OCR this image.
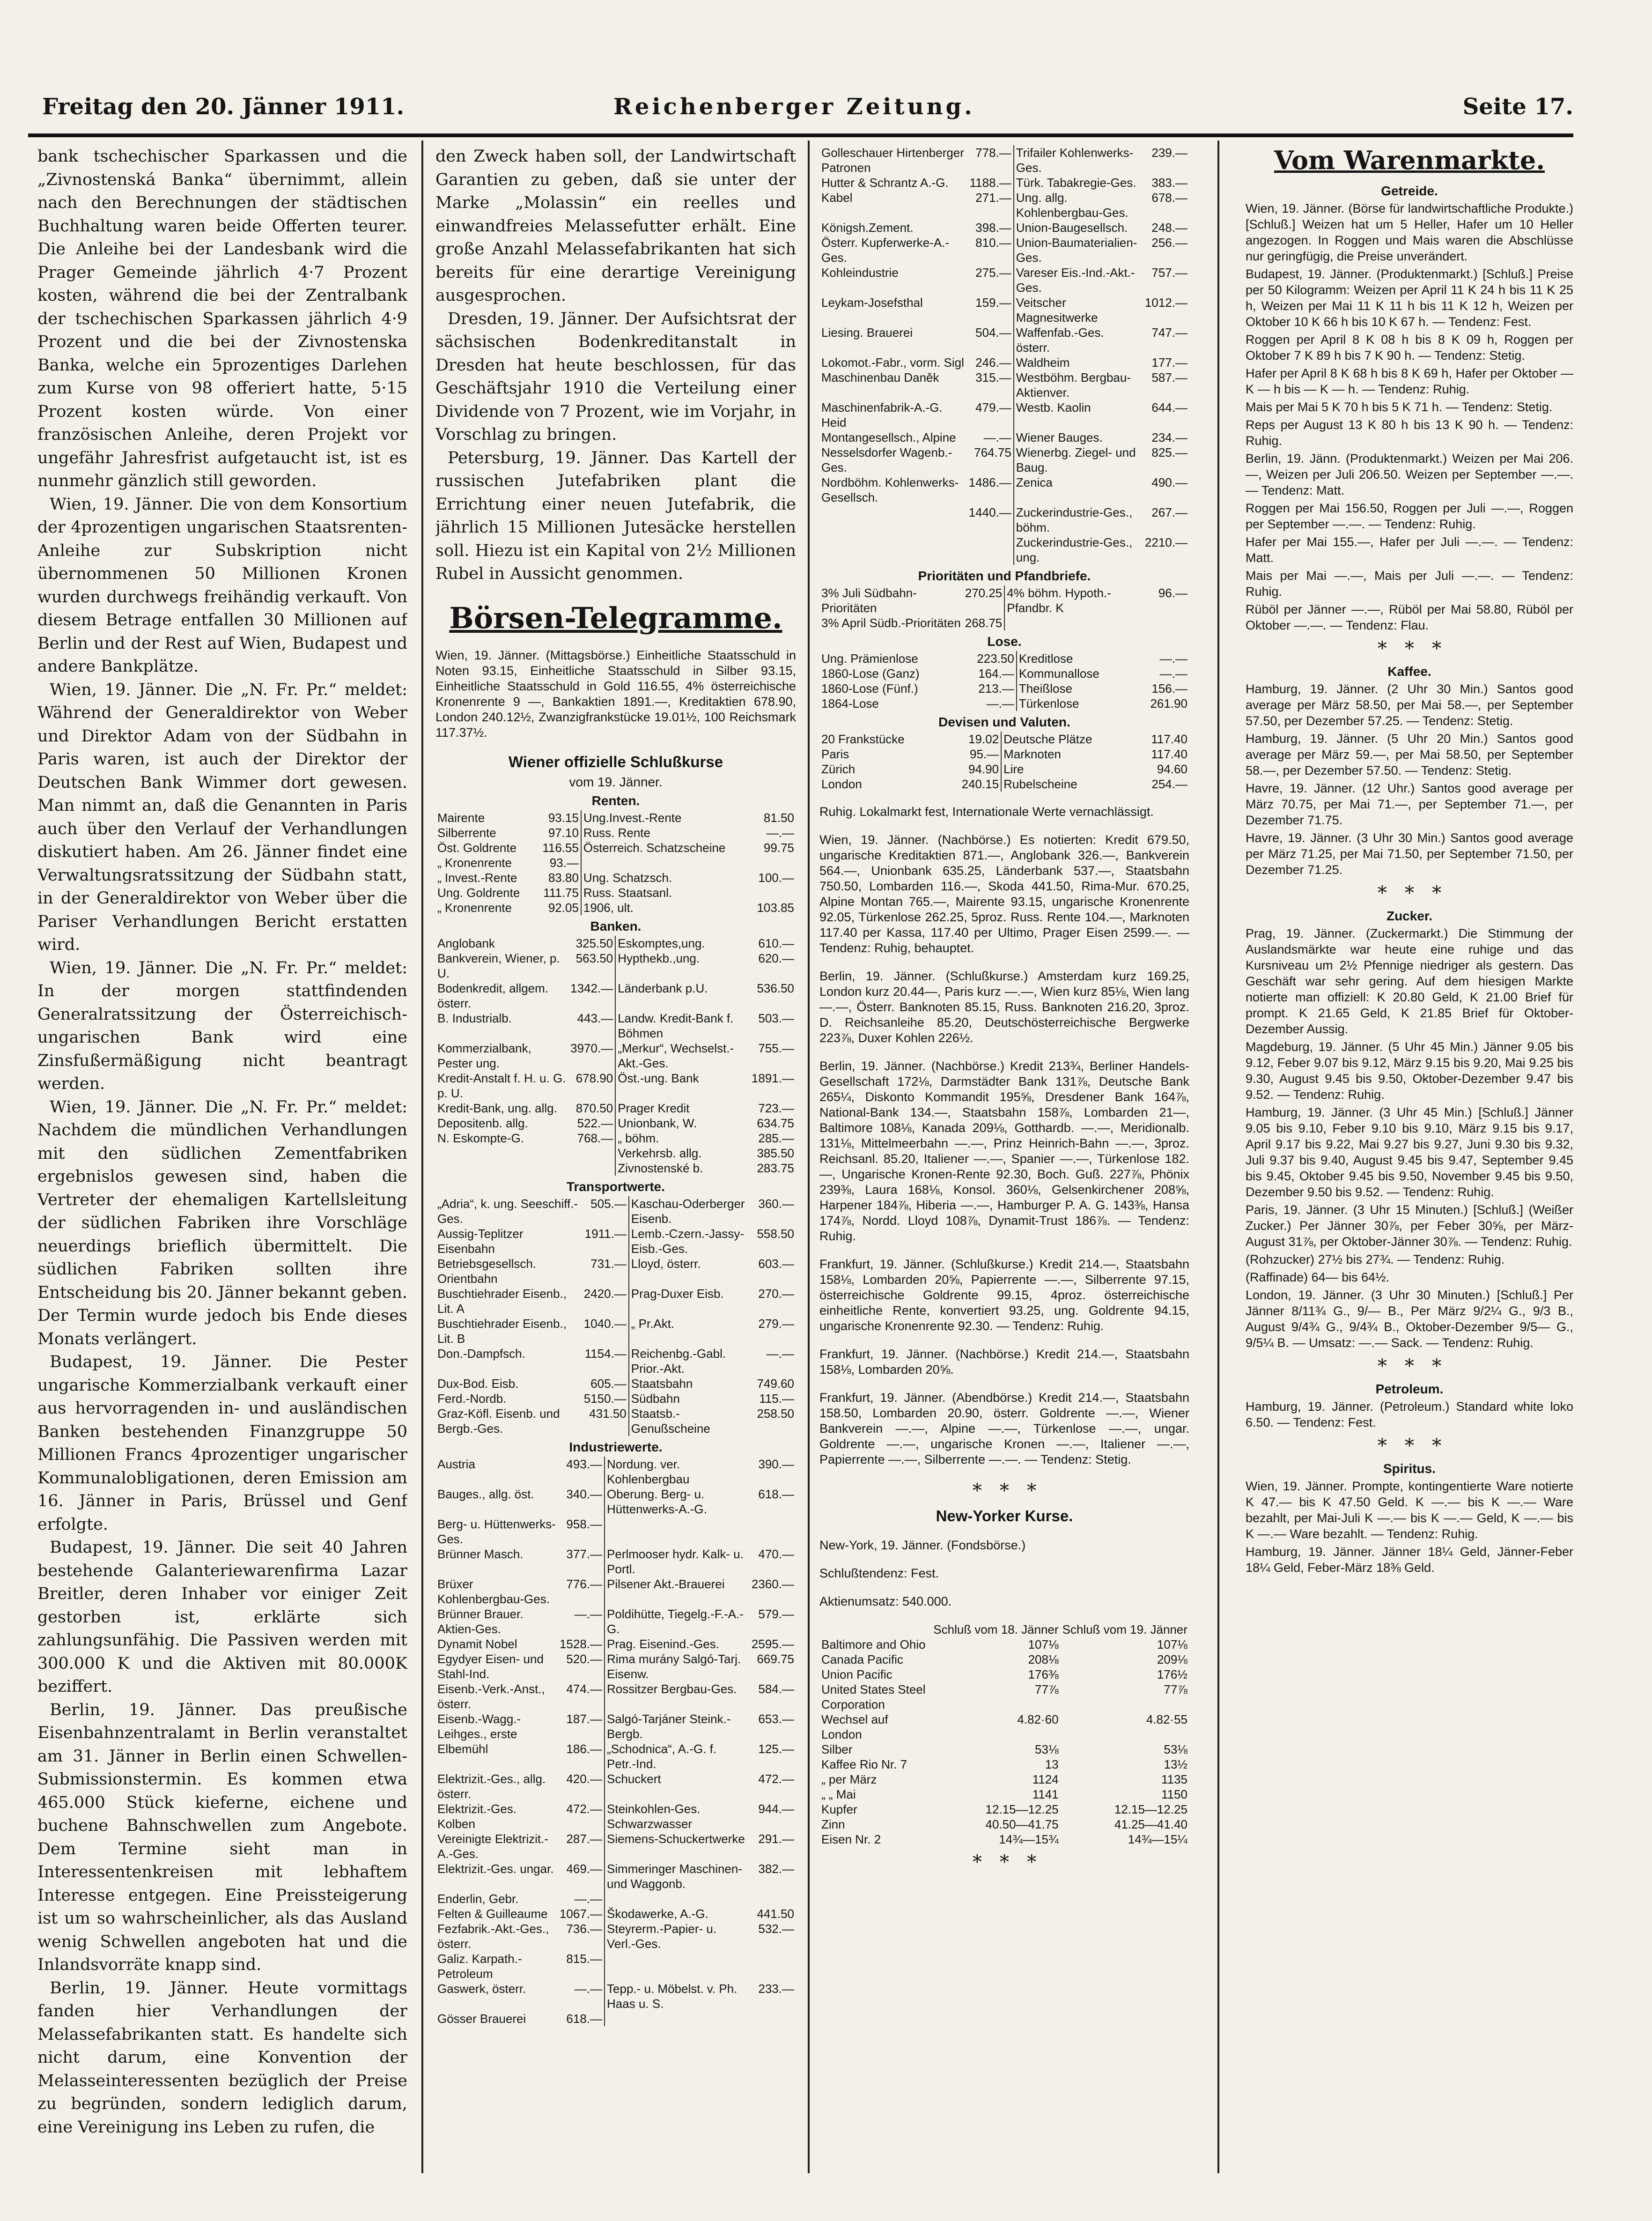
Freitag den 20. Jänner 1911.	Reichenberger Zeitung.	Seite 17.

bank tschechischer Sparkassen und die „Zivnostenská Banka“ übernimmt, allein nach den Berechnungen der städtischen Buchhaltung waren beide Offerten teurer. Die Anleihe bei der Landesbank wird die Prager Gemeinde jährlich 4·7 Prozent kosten, während die bei der Zentralbank der tschechischen Sparkassen jährlich 4·9 Prozent und die bei der Zivnostenska Banka, welche ein 5prozentiges Darlehen zum Kurse von 98 offeriert hatte, 5·15 Prozent kosten würde. Von einer französischen Anleihe, deren Projekt vor ungefähr Jahresfrist aufgetaucht ist, ist es nunmehr gänzlich still geworden.

Wien, 19. Jänner. Die von dem Konsortium der 4prozentigen ungarischen Staatsrenten-Anleihe zur Subskription nicht übernommenen 50 Millionen Kronen wurden durchwegs freihändig verkauft. Von diesem Betrage entfallen 30 Millionen auf Berlin und der Rest auf Wien, Budapest und andere Bankplätze.

Wien, 19. Jänner. Die „N. Fr. Pr.“ meldet: Während der Generaldirektor von Weber und Direktor Adam von der Südbahn in Paris waren, ist auch der Direktor der Deutschen Bank Wimmer dort gewesen. Man nimmt an, daß die Genannten in Paris auch über den Verlauf der Verhandlungen diskutiert haben. Am 26. Jänner findet eine Verwaltungsratssitzung der Südbahn statt, in der Generaldirektor von Weber über die Pariser Verhandlungen Bericht erstatten wird.

Wien, 19. Jänner. Die „N. Fr. Pr.“ meldet: In der morgen stattfindenden Generalratssitzung der Österreichisch-ungarischen Bank wird eine Zinsfußermäßigung nicht beantragt werden.

Wien, 19. Jänner. Die „N. Fr. Pr.“ meldet: Nachdem die mündlichen Verhandlungen mit den südlichen Zementfabriken ergebnislos gewesen sind, haben die Vertreter der ehemaligen Kartellsleitung der südlichen Fabriken ihre Vorschläge neuerdings brieflich übermittelt. Die südlichen Fabriken sollten ihre Entscheidung bis 20. Jänner bekannt geben. Der Termin wurde jedoch bis Ende dieses Monats verlängert.

Budapest, 19. Jänner. Die Pester ungarische Kommerzialbank verkauft einer aus hervorragenden in- und ausländischen Banken bestehenden Finanzgruppe 50 Millionen Francs 4prozentiger ungarischer Kommunalobligationen, deren Emission am 16. Jänner in Paris, Brüssel und Genf erfolgte.

Budapest, 19. Jänner. Die seit 40 Jahren bestehende Galanteriewarenfirma Lazar Breitler, deren Inhaber vor einiger Zeit gestorben ist, erklärte sich zahlungsunfähig. Die Passiven werden mit 300.000 K und die Aktiven mit 80.000K beziffert.

Berlin, 19. Jänner. Das preußische Eisenbahnzentralamt in Berlin veranstaltet am 31. Jänner in Berlin einen Schwellen-Submissionstermin. Es kommen etwa 465.000 Stück kieferne, eichene und buchene Bahnschwellen zum Angebote. Dem Termine sieht man in Interessentenkreisen mit lebhaftem Interesse entgegen. Eine Preissteigerung ist um so wahrscheinlicher, als das Ausland wenig Schwellen angeboten hat und die Inlandsvorräte knapp sind.

Berlin, 19. Jänner. Heute vormittags fanden hier Verhandlungen der Melassefabrikanten statt. Es handelte sich nicht darum, eine Konvention der Melasseinteressenten bezüglich der Preise zu begründen, sondern lediglich darum, eine Vereinigung ins Leben zu rufen, die

den Zweck haben soll, der Landwirtschaft Garantien zu geben, daß sie unter der Marke „Molassin“ ein reelles und einwandfreies Melassefutter erhält. Eine große Anzahl Melassefabrikanten hat sich bereits für eine derartige Vereinigung ausgesprochen.

Dresden, 19. Jänner. Der Aufsichtsrat der sächsischen Bodenkreditanstalt in Dresden hat heute beschlossen, für das Geschäftsjahr 1910 die Verteilung einer Dividende von 7 Prozent, wie im Vorjahr, in Vorschlag zu bringen.

Petersburg, 19. Jänner. Das Kartell der russischen Jutefabriken plant die Errichtung einer neuen Jutefabrik, die jährlich 15 Millionen Jutesäcke herstellen soll. Hiezu ist ein Kapital von 2½ Millionen Rubel in Aussicht genommen.

Börsen-Telegramme.

Wien, 19. Jänner. (Mittagsbörse.) Einheitliche Staatsschuld in Noten 93.15, Einheitliche Staatsschuld in Silber 93.15, Einheitliche Staatsschuld in Gold 116.55, 4% österreichische Kronenrente 9 —, Bankaktien 1891.—, Kreditaktien 678.90, London 240.12½, Zwanzigfrankstücke 19.01½, 100 Reichsmark 117.37½.

Wiener offizielle Schlußkurse
vom 19. Jänner.
Renten.
Mairente	93.15	Ung.Invest.-Rente	81.50
Silberrente	97.10	Russ. Rente	—.—
Öst. Goldrente	116.55	Österreich. Schatzscheine	99.75
„ Kronenrente	93.—		
„ Invest.-Rente	83.80	Ung. Schatzsch.	100.—
Ung. Goldrente	111.75	Russ. Staatsanl.	
„ Kronenrente	92.05	1906, ult.	103.85
Banken.
Anglobank	325.50	Eskomptes,ung.	610.—
Bankverein, Wiener, p. U.	563.50	Hypthekb.,ung.	620.—
Bodenkredit, allgem. österr.	1342.—	Länderbank p.U.	536.50
B. Industrialb.	443.—	Landw. Kredit-Bank f. Böhmen	503.—
Kommerzialbank, Pester ung.	3970.—	„Merkur“, Wechselst.-Akt.-Ges.	755.—
Kredit-Anstalt f. H. u. G. p. U.	678.90	Öst.-ung. Bank	1891.—
Kredit-Bank, ung. allg.	870.50	Prager Kredit	723.—
Depositenb. allg.	522.—	Unionbank, W.	634.75
N. Eskompte-G.	768.—	„ böhm.	285.—
		Verkehrsb. allg.	385.50
		Zivnostenské b.	283.75
Transportwerte.
„Adria“, k. ung. Seeschiff.-Ges.	505.—	Kaschau-Oderberger Eisenb.	360.—
Aussig-Teplitzer Eisenbahn	1911.—	Lemb.-Czern.-Jassy-Eisb.-Ges.	558.50
Betriebsgesellsch. Orientbahn	731.—	Lloyd, österr.	603.—
Buschtiehrader Eisenb., Lit. A	2420.—	Prag-Duxer Eisb.	270.—
Buschtiehrader Eisenb., Lit. B	1040.—	„ Pr.Akt.	279.—
Don.-Dampfsch.	1154.—	Reichenbg.-Gabl. Prior.-Akt.	—.—
Dux-Bod. Eisb.	605.—	Staatsbahn	749.60
Ferd.-Nordb.	5150.—	Südbahn	115.—
Graz-Köfl. Eisenb. und Bergb.-Ges.	431.50	Staatsb.-Genußscheine	258.50
Industriewerte.
Austria	493.—	Nordung. ver. Kohlenbergbau	390.—
Bauges., allg. öst.	340.—	Oberung. Berg- u. Hüttenwerks-A.-G.	618.—
Berg- u. Hüttenwerks-Ges.	958.—		
Brünner Masch.	377.—	Perlmooser hydr. Kalk- u. Portl.	470.—
Brüxer Kohlenbergbau-Ges.	776.—	Pilsener Akt.-Brauerei	2360.—
Brünner Brauer. Aktien-Ges.	—.—	Poldihütte, Tiegelg.-F.-A.-G.	579.—
Dynamit Nobel	1528.—	Prag. Eisenind.-Ges.	2595.—
Egydyer Eisen- und Stahl-Ind.	520.—	Rima murány Salgó-Tarj. Eisenw.	669.75
Eisenb.-Verk.-Anst., österr.	474.—	Rossitzer Bergbau-Ges.	584.—
Eisenb.-Wagg.-Leihges., erste	187.—	Salgó-Tarjáner Steink.-Bergb.	653.—
Elbemühl	186.—	„Schodnica“, A.-G. f. Petr.-Ind.	125.—
Elektrizit.-Ges., allg. österr.	420.—	Schuckert	472.—
Elektrizit.-Ges. Kolben	472.—	Steinkohlen-Ges. Schwarzwasser	944.—
Vereinigte Elektrizit.-A.-Ges.	287.—	Siemens-Schuckertwerke	291.—
Elektrizit.-Ges. ungar.	469.—	Simmeringer Maschinen- und Waggonb.	382.—
Enderlin, Gebr.	—.—		
Felten & Guilleaume	1067.—	Škodawerke, A.-G.	441.50
Fezfabrik.-Akt.-Ges., österr.	736.—	Steyrerm.-Papier- u. Verl.-Ges.	532.—
Galiz. Karpath.-Petroleum	815.—		
Gaswerk, österr.	—.—	Tepp.- u. Möbelst. v. Ph. Haas u. S.	233.—
Gösser Brauerei	618.—		
Golleschauer Hirtenberger Patronen	778.—	Trifailer Kohlenwerks-Ges.	239.—
Hutter & Schrantz A.-G.	1188.—	Türk. Tabakregie-Ges.	383.—
Kabel	271.—	Ung. allg. Kohlenbergbau-Ges.	678.—
Königsh.Zement.	398.—	Union-Baugesellsch.	248.—
Österr. Kupferwerke-A.-Ges.	810.—	Union-Baumaterialien-Ges.	256.—
Kohleindustrie	275.—	Vareser Eis.-Ind.-Akt.-Ges.	757.—
Leykam-Josefsthal	159.—	Veitscher Magnesitwerke	1012.—
Liesing. Brauerei	504.—	Waffenfab.-Ges. österr.	747.—
Lokomot.-Fabr., vorm. Sigl	246.—	Waldheim	177.—
Maschinenbau Daněk	315.—	Westböhm. Bergbau-Aktienver.	587.—
Maschinenfabrik-A.-G. Heid	479.—	Westb. Kaolin	644.—
Montangesellsch., Alpine	—.—	Wiener Bauges.	234.—
Nesselsdorfer Wagenb.-Ges.	764.75	Wienerbg. Ziegel- und Baug.	825.—
Nordböhm. Kohlenwerks-Gesellsch.	1486.—	Zenica	490.—
	1440.—	Zuckerindustrie-Ges., böhm.	267.—
		Zuckerindustrie-Ges., ung.	2210.—
Prioritäten und Pfandbriefe.
3% Juli Südbahn-Prioritäten	270.25	4% böhm. Hypoth.-Pfandbr. K	96.—
3% April Südb.-Prioritäten	268.75		
Lose.
Ung. Prämienlose	223.50	Kreditlose	—.—
1860-Lose (Ganz)	164.—	Kommunallose	—.—
1860-Lose (Fünf.)	213.—	Theißlose	156.—
1864-Lose	—.—	Türkenlose	261.90
Devisen und Valuten.
20 Frankstücke	19.02	Deutsche Plätze	117.40
Paris	95.—	Marknoten	117.40
Zürich	94.90	Lire	94.60
London	240.15	Rubelscheine	254.—

Ruhig. Lokalmarkt fest, Internationale Werte vernachlässigt.

Wien, 19. Jänner. (Nachbörse.) Es notierten: Kredit 679.50, ungarische Kreditaktien 871.—, Anglobank 326.—, Bankverein 564.—, Unionbank 635.25, Länderbank 537.—, Staatsbahn 750.50, Lombarden 116.—, Skoda 441.50, Rima-Mur. 670.25, Alpine Montan 765.—, Mairente 93.15, ungarische Kronenrente 92.05, Türkenlose 262.25, 5proz. Russ. Rente 104.—, Marknoten 117.40 per Kassa, 117.40 per Ultimo, Prager Eisen 2599.—. — Tendenz: Ruhig, behauptet.

Berlin, 19. Jänner. (Schlußkurse.) Amsterdam kurz 169.25, London kurz 20.44—, Paris kurz —.—, Wien kurz 85⅛, Wien lang —.—, Österr. Banknoten 85.15, Russ. Banknoten 216.20, 3proz. D. Reichsanleihe 85.20, Deutschösterreichische Bergwerke 223⅞, Duxer Kohlen 226½.

Berlin, 19. Jänner. (Nachbörse.) Kredit 213¾, Berliner Handels-Gesellschaft 172⅛, Darmstädter Bank 131⅞, Deutsche Bank 265¼, Diskonto Kommandit 195⅝, Dresdener Bank 164⅞, National-Bank 134.—, Staatsbahn 158⅞, Lombarden 21—, Baltimore 108⅛, Kanada 209⅛, Gotthardb. —.—, Meridionalb. 131⅛, Mittelmeerbahn —.—, Prinz Heinrich-Bahn —.—, 3proz. Reichsanl. 85.20, Italiener —.—, Spanier —.—, Türkenlose 182.—, Ungarische Kronen-Rente 92.30, Boch. Guß. 227⅞, Phönix 239⅜, Laura 168⅛, Konsol. 360⅛, Gelsenkirchener 208⅝, Harpener 184⅞, Hiberia —.—, Hamburger P. A. G. 143⅜, Hansa 174⅞, Nordd. Lloyd 108⅞, Dynamit-Trust 186⅞. — Tendenz: Ruhig.

Frankfurt, 19. Jänner. (Schlußkurse.) Kredit 214.—, Staatsbahn 158⅛, Lombarden 20⅝, Papierrente —.—, Silberrente 97.15, österreichische Goldrente 99.15, 4proz. österreichische einheitliche Rente, konvertiert 93.25, ung. Goldrente 94.15, ungarische Kronenrente 92.30. — Tendenz: Ruhig.

Frankfurt, 19. Jänner. (Nachbörse.) Kredit 214.—, Staatsbahn 158⅛, Lombarden 20⅝.

Frankfurt, 19. Jänner. (Abendbörse.) Kredit 214.—, Staatsbahn 158.50, Lombarden 20.90, österr. Goldrente —.—, Wiener Bankverein —.—, Alpine —.—, Türkenlose —.—, ungar. Goldrente —.—, ungarische Kronen —.—, Italiener —.—, Papierrente —.—, Silberrente —.—. — Tendenz: Stetig.

*   *   *
New-Yorker Kurse.

New-York, 19. Jänner. (Fondsbörse.)

Schlußtendenz: Fest.

Aktienumsatz: 540.000.

	Schluß vom 18. Jänner	Schluß vom 19. Jänner
Baltimore and Ohio	107⅛	107⅛
Canada Pacific	208⅛	209⅛
Union Pacific	176⅜	176½
United States Steel Corporation	77⅞	77⅞
Wechsel auf London	4.82·60	4.82·55
Silber	53⅛	53⅛
Kaffee Rio Nr. 7	13	13½
„ per März	1124	1135
„ „ Mai	1141	1150
Kupfer	12.15—12.25	12.15—12.25
Zinn	40.50—41.75	41.25—41.40
Eisen Nr. 2	14¾—15¾	14¾—15¼
*   *   *
Vom Warenmarkte.
Getreide.

Wien, 19. Jänner. (Börse für landwirtschaftliche Produkte.) [Schluß.] Weizen hat um 5 Heller, Hafer um 10 Heller angezogen. In Roggen und Mais waren die Abschlüsse nur geringfügig, die Preise unverändert.

Budapest, 19. Jänner. (Produktenmarkt.) [Schluß.] Preise per 50 Kilogramm: Weizen per April 11 K 24 h bis 11 K 25 h, Weizen per Mai 11 K 11 h bis 11 K 12 h, Weizen per Oktober 10 K 66 h bis 10 K 67 h. — Tendenz: Fest.

Roggen per April 8 K 08 h bis 8 K 09 h, Roggen per Oktober 7 K 89 h bis 7 K 90 h. — Tendenz: Stetig.

Hafer per April 8 K 68 h bis 8 K 69 h, Hafer per Oktober — K — h bis — K — h. — Tendenz: Ruhig.

Mais per Mai 5 K 70 h bis 5 K 71 h. — Tendenz: Stetig.

Reps per August 13 K 80 h bis 13 K 90 h. — Tendenz: Ruhig.

Berlin, 19. Jänn. (Produktenmarkt.) Weizen per Mai 206.—, Weizen per Juli 206.50. Weizen per September —.—. — Tendenz: Matt.

Roggen per Mai 156.50, Roggen per Juli —.—, Roggen per September —.—. — Tendenz: Ruhig.

Hafer per Mai 155.—, Hafer per Juli —.—. — Tendenz: Matt.

Mais per Mai —.—, Mais per Juli —.—. — Tendenz: Ruhig.

Rüböl per Jänner —.—, Rüböl per Mai 58.80, Rüböl per Oktober —.—. — Tendenz: Flau.

*   *   *
Kaffee.

Hamburg, 19. Jänner. (2 Uhr 30 Min.) Santos good average per März 58.50, per Mai 58.—, per September 57.50, per Dezember 57.25. — Tendenz: Stetig.

Hamburg, 19. Jänner. (5 Uhr 20 Min.) Santos good average per März 59.—, per Mai 58.50, per September 58.—, per Dezember 57.50. — Tendenz: Stetig.

Havre, 19. Jänner. (12 Uhr.) Santos good average per März 70.75, per Mai 71.—, per September 71.—, per Dezember 71.75.

Havre, 19. Jänner. (3 Uhr 30 Min.) Santos good average per März 71.25, per Mai 71.50, per September 71.50, per Dezember 71.25.

*   *   *
Zucker.

Prag, 19. Jänner. (Zuckermarkt.) Die Stimmung der Auslandsmärkte war heute eine ruhige und das Kursniveau um 2½ Pfennige niedriger als gestern. Das Geschäft war sehr gering. Auf dem hiesigen Markte notierte man offiziell: K 20.80 Geld, K 21.00 Brief für prompt. K 21.65 Geld, K 21.85 Brief für Oktober-Dezember Aussig.

Magdeburg, 19. Jänner. (5 Uhr 45 Min.) Jänner 9.05 bis 9.12, Feber 9.07 bis 9.12, März 9.15 bis 9.20, Mai 9.25 bis 9.30, August 9.45 bis 9.50, Oktober-Dezember 9.47 bis 9.52. — Tendenz: Ruhig.

Hamburg, 19. Jänner. (3 Uhr 45 Min.) [Schluß.] Jänner 9.05 bis 9.10, Feber 9.10 bis 9.10, März 9.15 bis 9.17, April 9.17 bis 9.22, Mai 9.27 bis 9.27, Juni 9.30 bis 9.32, Juli 9.37 bis 9.40, August 9.45 bis 9.47, September 9.45 bis 9.45, Oktober 9.45 bis 9.50, November 9.45 bis 9.50, Dezember 9.50 bis 9.52. — Tendenz: Ruhig.

Paris, 19. Jänner. (3 Uhr 15 Minuten.) [Schluß.] (Weißer Zucker.) Per Jänner 30⅞, per Feber 30⅝, per März-August 31⅞, per Oktober-Jänner 30⅞. — Tendenz: Ruhig.

(Rohzucker) 27½ bis 27¾. — Tendenz: Ruhig.

(Raffinade) 64— bis 64½.

London, 19. Jänner. (3 Uhr 30 Minuten.) [Schluß.] Per Jänner 8/11¾ G., 9/— B., Per März 9/2¼ G., 9/3 B., August 9/4¾ G., 9/4¾ B., Oktober-Dezember 9/5— G., 9/5¼ B. — Umsatz: —.— Sack. — Tendenz: Ruhig.

*   *   *
Petroleum.

Hamburg, 19. Jänner. (Petroleum.) Standard white loko 6.50. — Tendenz: Fest.

*   *   *
Spiritus.

Wien, 19. Jänner. Prompte, kontingentierte Ware notierte K 47.— bis K 47.50 Geld. K —.— bis K —.— Ware bezahlt, per Mai-Juli K —.— bis K —.— Geld, K —.— bis K —.— Ware bezahlt. — Tendenz: Ruhig.

Hamburg, 19. Jänner. Jänner 18¼ Geld, Jänner-Feber 18¼ Geld, Feber-März 18⅜ Geld.
